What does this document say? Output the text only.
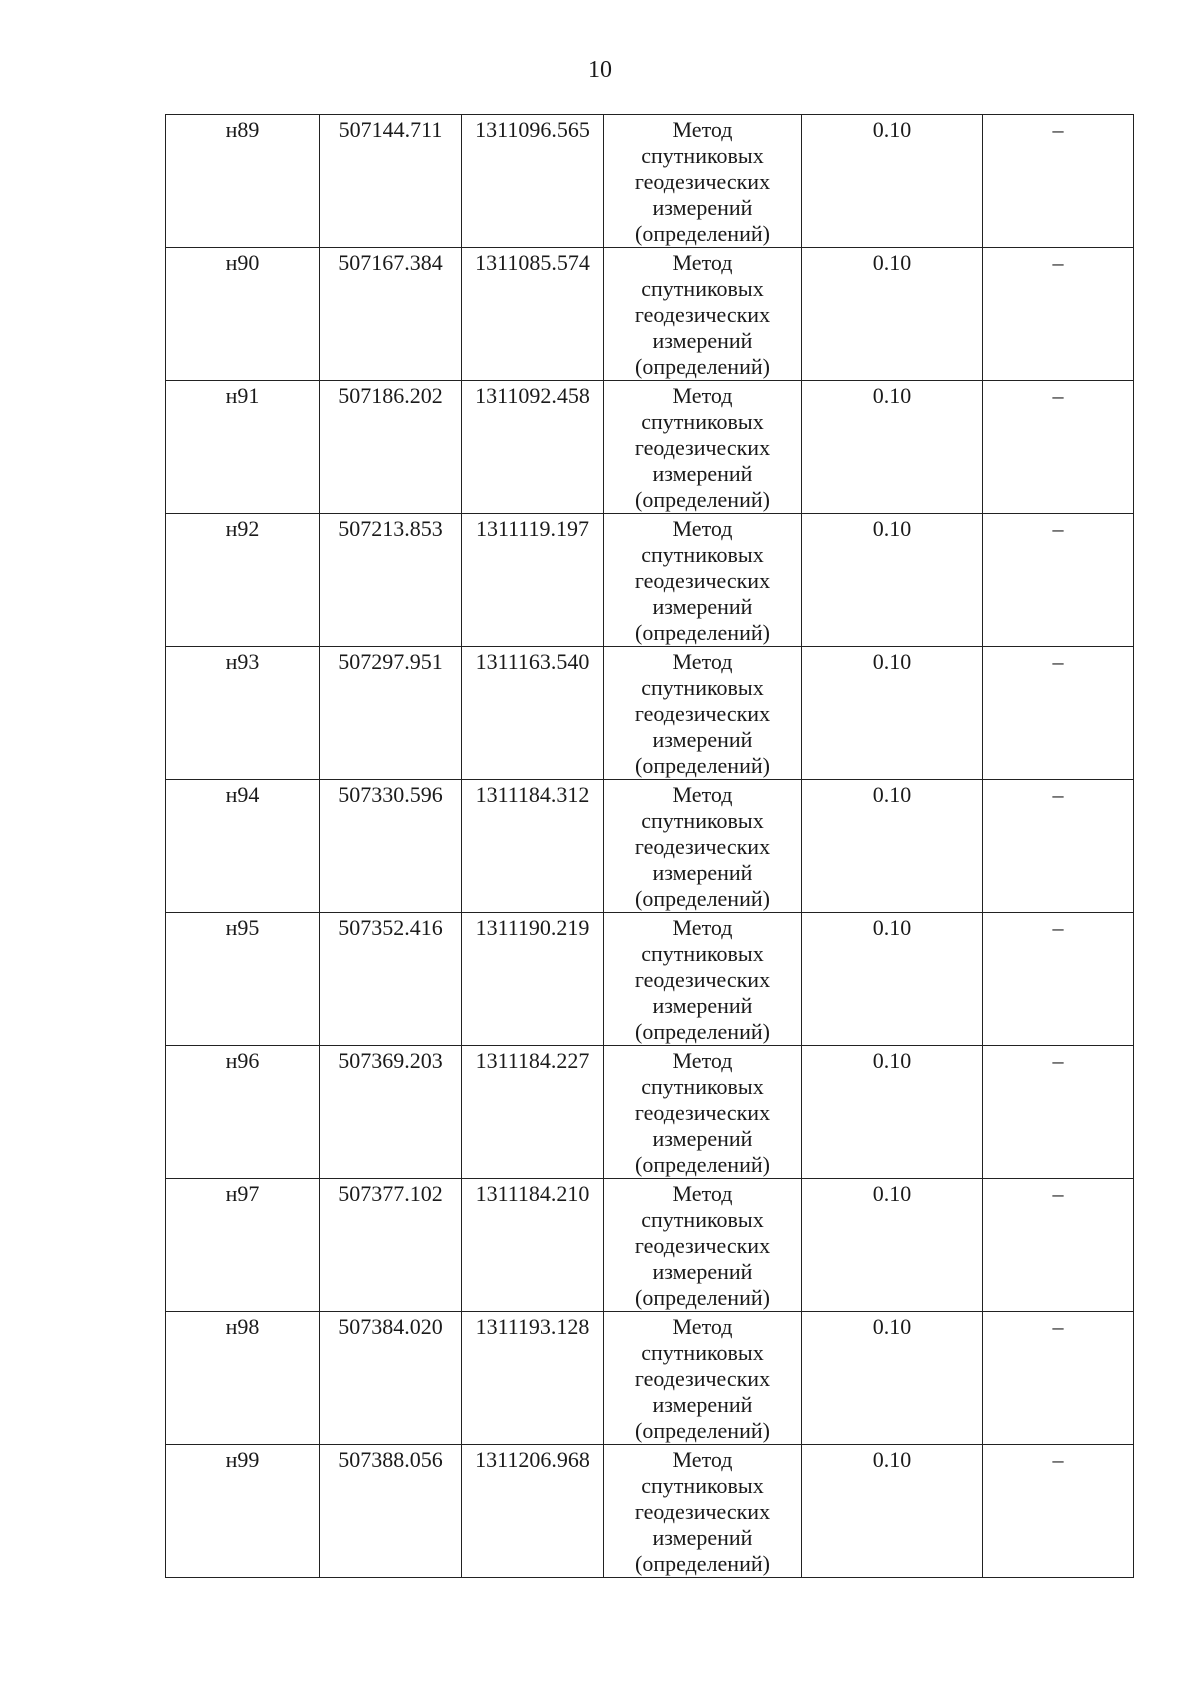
10
н89	507144.711	1311096.565	Метод
спутниковых
геодезических
измерений
(определений)	0.10	–
н90	507167.384	1311085.574	Метод
спутниковых
геодезических
измерений
(определений)	0.10	–
н91	507186.202	1311092.458	Метод
спутниковых
геодезических
измерений
(определений)	0.10	–
н92	507213.853	1311119.197	Метод
спутниковых
геодезических
измерений
(определений)	0.10	–
н93	507297.951	1311163.540	Метод
спутниковых
геодезических
измерений
(определений)	0.10	–
н94	507330.596	1311184.312	Метод
спутниковых
геодезических
измерений
(определений)	0.10	–
н95	507352.416	1311190.219	Метод
спутниковых
геодезических
измерений
(определений)	0.10	–
н96	507369.203	1311184.227	Метод
спутниковых
геодезических
измерений
(определений)	0.10	–
н97	507377.102	1311184.210	Метод
спутниковых
геодезических
измерений
(определений)	0.10	–
н98	507384.020	1311193.128	Метод
спутниковых
геодезических
измерений
(определений)	0.10	–
н99	507388.056	1311206.968	Метод
спутниковых
геодезических
измерений
(определений)	0.10	–
